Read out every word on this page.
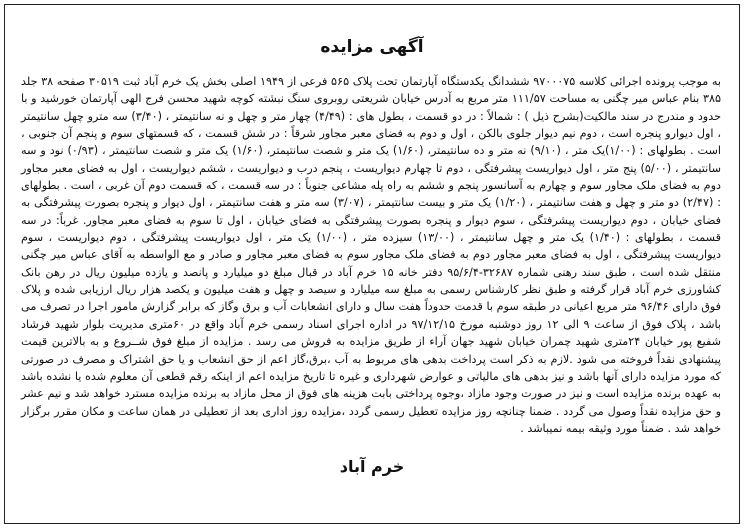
آگهی مزایده
به موجب پرونده اجرائی کلاسه ۹۷۰۰۰۷۵ ششدانگ یکدستگاه آپارتمان تحت پلاک ۵۶۵ فرعی از ۱۹۴۹ اصلی بخش یک خرم آباد ثبت ۳۰۵۱۹ صفحه ۳۸ جلد ۳۸۵ بنام عباس میر چگنی به مساحت ۱۱۱/۵۷ متر مربع به آدرس خیابان شریعتی روبروی سنگ نبشته کوچه شهید محسن فرج الهی آپارتمان خورشید و با حدود و مندرج در سند مالکیت(بشرح ذیل ) : شمالاً : در دو قسمت ، بطول های : (۴/۴۹) چهار متر و چهل و نه سانتیمتر ، (۳/۴۰) سه مترو چهل سانتیمتر ، اول دیوارو پنجره است ، دوم نیم دیوار جلوی بالکن ، اول و دوم به فضای معبر مجاور شرقاً : در شش قسمت ، که قسمتهای سوم و پنجم آن جنوبی ، است . بطولهای : (۱/۰۰)یک متر ، (۹/۱۰) نه متر و ده سانتیمتر، (۱/۶۰) یک متر و شصت سانتیمتر، (۱/۶۰) یک متر و شصت سانتیمتر ، (۰/۹۳) نود و سه سانتیمتر ، (۵/۰۰) پنج متر ، اول دیواریست پیشرفتگی ، دوم تا چهارم دیواریست ، پنجم درب و دیواریست ، ششم دیواریست ، اول به فضای معبر مجاور دوم به فضای ملک مجاور سوم و چهارم به آسانسور پنجم و ششم به راه پله مشاعی جنوباً : در سه قسمت ، که قسمت دوم آن غربی ، است . بطولهای : (۲/۴۷) دو متر و چهل و هفت سانتیمتر ، (۱/۲۰) یک متر و بیست سانتیمتر ، (۳/۰۷) سه متر و هفت سانتیمتر ، اول دیوار و پنجره بصورت پیشرفتگی به فضای خیابان ، دوم دیواریست پیشرفتگی ، سوم دیوار و پنجره بصورت پیشرفتگی به فضای خیابان ، اول تا سوم به فضای معبر مجاور. غرباً: در سه قسمت ، بطولهای : (۱/۴۰) یک متر و چهل سانتیمتر ، (۱۳/۰۰) سیزده متر ، (۱/۰۰) یک متر ، اول دیواریست پیشرفتگی ، دوم دیواریست ، سوم دیواریست پیشرفتگی ، اول به فضای معبر مجاور دوم به فضای ملک مجاور سوم به فضای معبر مجاور و صادر و مع الواسطه به آقای عباس میر چگنی منتقل شده است ، طبق سند رهنی شماره ۳۲۶۸۷-۹۵/۶/۴ دفتر خانه ۱۵ خرم آباد در قبال مبلغ دو میلیارد و پانصد و یازده میلیون ریال در رهن بانک کشاورزی خرم آباد قرار گرفته و طبق نظر کارشناس رسمی به مبلغ سه میلیارد و سیصد و چهل و هفت میلیون و یکصد هزار ریال ارزیابی شده و پلاک فوق دارای ۹۶/۴۶ متر مربع اعیانی در طبقه سوم با قدمت حدوداً هفت سال و دارای انشعابات آب و برق وگاز که برابر گزارش مامور اجرا در تصرف می باشد ، پلاک فوق از ساعت ۹ الی ۱۲ روز دوشنبه مورخ ۹۷/۱۲/۱۵ در اداره اجرای اسناد رسمی خرم آباد واقع در ۶۰متری مدیریت بلوار شهید فرشاد شفیع پور خیابان ۲۴متری شهید چمران خیابان شهید جهان آراء از طریق مزایده به فروش می رسد . مزایده از مبلغ فوق شــروع و به بالاترین قیمت پیشنهادی نقداً فروخته می شود .لازم به ذکر است پرداخت بدهی های مربوط به آب ،برق،گاز اعم از حق انشعاب و یا حق اشتراک و مصرف در صورتی که مورد مزایده دارای آنها باشد و نیز بدهی های مالیاتی و عوارض شهرداری و غیره تا تاریخ مزایده اعم از اینکه رقم قطعی آن معلوم شده یا نشده باشد به عهده برنده مزایده است و نیز در صورت وجود مازاد ،وجوه پرداختی بابت هزینه های فوق از محل مازاد به برنده مزایده مسترد خواهد شد و نیم عشر و حق مزایده نقداً وصول می گردد . ضمنا چنانچه روز مزایده تعطیل رسمی گردد ،مزایده روز اداری بعد از تعطیلی در همان ساعت و مکان مقرر برگزار خواهد شد . ضمناً مورد وثیقه بیمه نمیباشد .
خرم آباد
